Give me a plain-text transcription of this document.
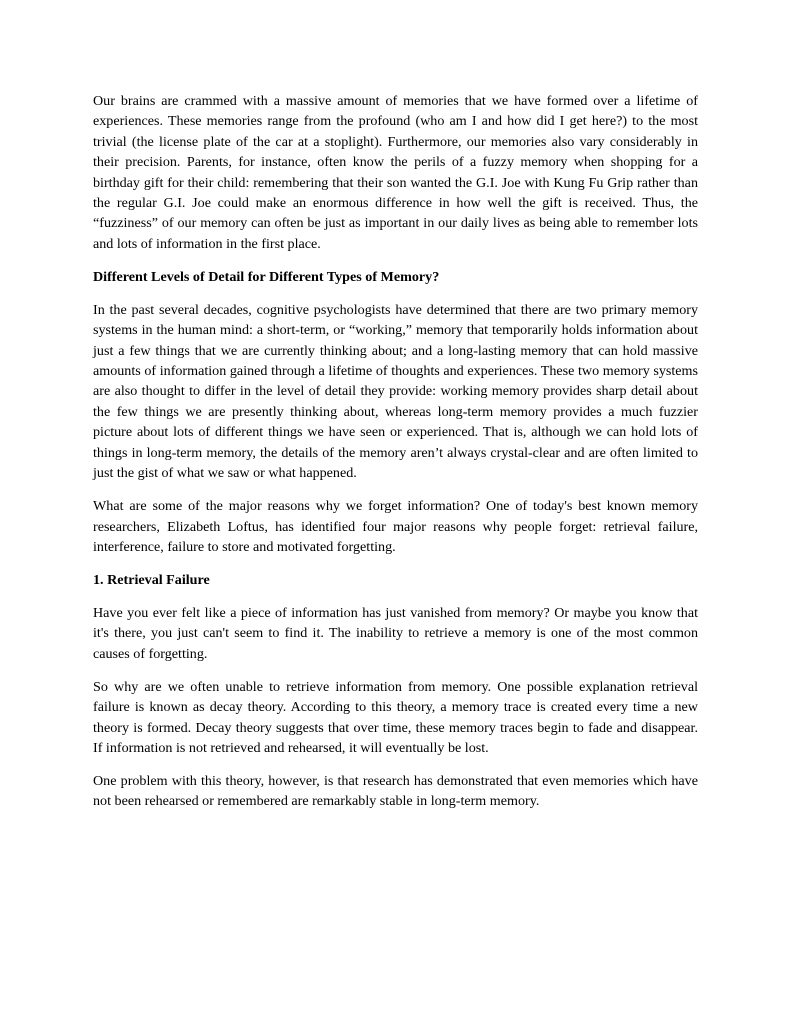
Our brains are crammed with a massive amount of memories that we have formed over a lifetime of experiences. These memories range from the profound (who am I and how did I get here?) to the most trivial (the license plate of the car at a stoplight). Furthermore, our memories also vary considerably in their precision. Parents, for instance, often know the perils of a fuzzy memory when shopping for a birthday gift for their child: remembering that their son wanted the G.I. Joe with Kung Fu Grip rather than the regular G.I. Joe could make an enormous difference in how well the gift is received. Thus, the “fuzziness” of our memory can often be just as important in our daily lives as being able to remember lots and lots of information in the first place.

Different Levels of Detail for Different Types of Memory?

In the past several decades, cognitive psychologists have determined that there are two primary memory systems in the human mind: a short-term, or “working,” memory that temporarily holds information about just a few things that we are currently thinking about; and a long-lasting memory that can hold massive amounts of information gained through a lifetime of thoughts and experiences. These two memory systems are also thought to differ in the level of detail they provide: working memory provides sharp detail about the few things we are presently thinking about, whereas long-term memory provides a much fuzzier picture about lots of different things we have seen or experienced. That is, although we can hold lots of things in long-term memory, the details of the memory aren’t always crystal-clear and are often limited to just the gist of what we saw or what happened.

What are some of the major reasons why we forget information? One of today's best known memory researchers, Elizabeth Loftus, has identified four major reasons why people forget: retrieval failure, interference, failure to store and motivated forgetting.

1. Retrieval Failure

Have you ever felt like a piece of information has just vanished from memory? Or maybe you know that it's there, you just can't seem to find it. The inability to retrieve a memory is one of the most common causes of forgetting.

So why are we often unable to retrieve information from memory. One possible explanation retrieval failure is known as decay theory. According to this theory, a memory trace is created every time a new theory is formed. Decay theory suggests that over time, these memory traces begin to fade and disappear. If information is not retrieved and rehearsed, it will eventually be lost.

One problem with this theory, however, is that research has demonstrated that even memories which have not been rehearsed or remembered are remarkably stable in long-term memory.
